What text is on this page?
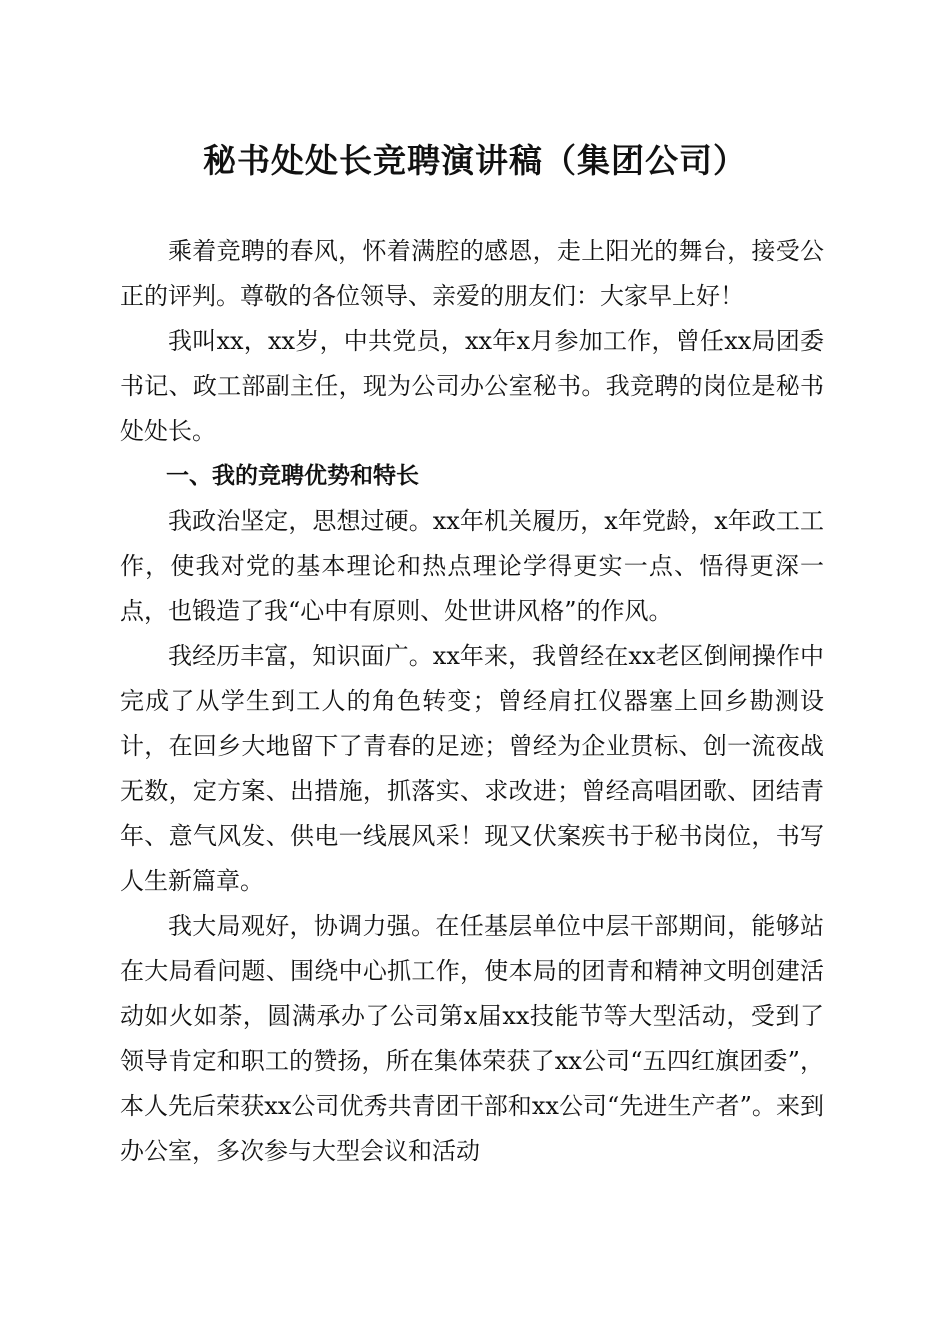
秘书处处长竞聘演讲稿（集团公司）

乘着竞聘的春风，怀着满腔的感恩，走上阳光的舞台，接受公正的评判。尊敬的各位领导、亲爱的朋友们：大家早上好！

我叫xx，xx岁，中共党员，xx年x月参加工作，曾任xx局团委书记、政工部副主任，现为公司办公室秘书。我竞聘的岗位是秘书处处长。

一、我的竞聘优势和特长

我政治坚定，思想过硬。xx年机关履历，x年党龄，x年政工工作，使我对党的基本理论和热点理论学得更实一点、悟得更深一点，也锻造了我“心中有原则、处世讲风格”的作风。

我经历丰富，知识面广。xx年来，我曾经在xx老区倒闸操作中完成了从学生到工人的角色转变；曾经肩扛仪器塞上回乡勘测设计，在回乡大地留下了青春的足迹；曾经为企业贯标、创一流夜战无数，定方案、出措施，抓落实、求改进；曾经高唱团歌、团结青年、意气风发、供电一线展风采！现又伏案疾书于秘书岗位，书写人生新篇章。

我大局观好，协调力强。在任基层单位中层干部期间，能够站在大局看问题、围绕中心抓工作，使本局的团青和精神文明创建活动如火如荼，圆满承办了公司第x届xx技能节等大型活动，受到了领导肯定和职工的赞扬，所在集体荣获了xx公司“五四红旗团委”，本人先后荣获xx公司优秀共青团干部和xx公司“先进生产者”。来到办公室，多次参与大型会议和活动
